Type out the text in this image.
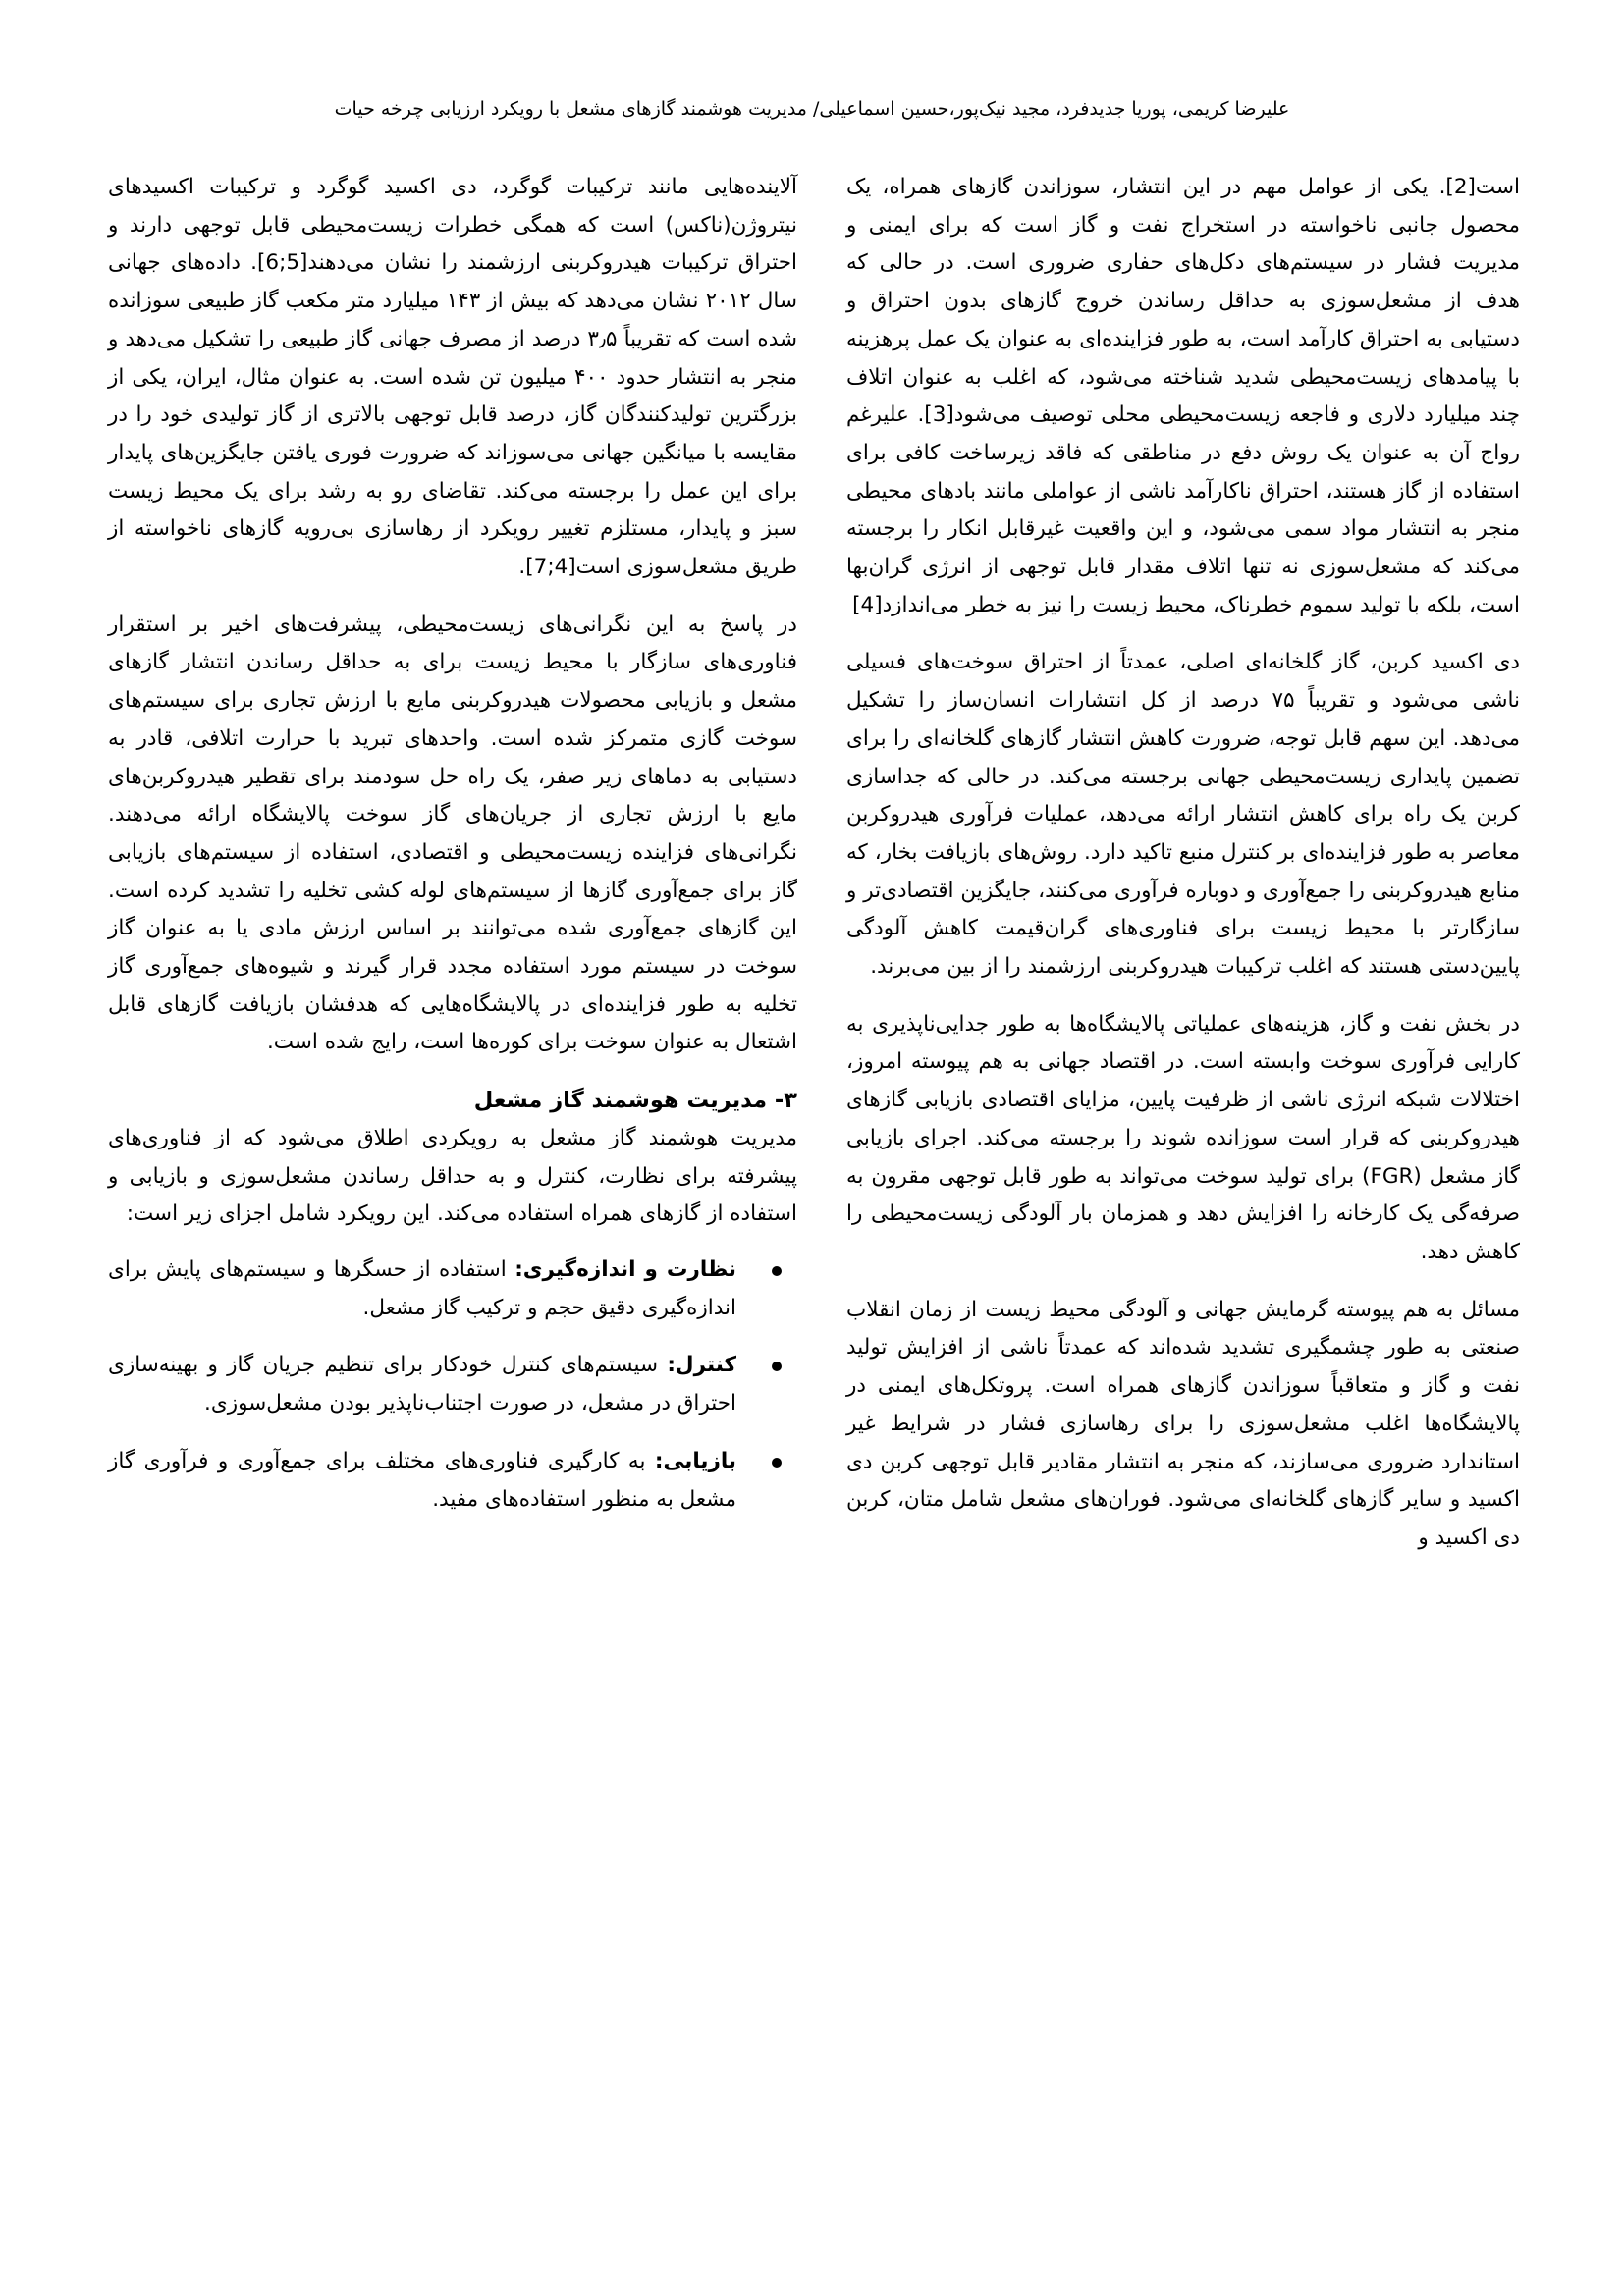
علیرضا کریمی، پوریا جدیدفرد، مجید نیک‌پور،حسین اسماعیلی/ مدیریت هوشمند گازهای مشعل با رویکرد ارزیابی چرخه حیات

است[2]. یکی از عوامل مهم در این انتشار، سوزاندن گازهای همراه، یک محصول جانبی ناخواسته در استخراج نفت و گاز است که برای ایمنی و مدیریت فشار در سیستم‌های دکل‌های حفاری ضروری است. در حالی که هدف از مشعل‌سوزی به حداقل رساندن خروج گازهای بدون احتراق و دستیابی به احتراق کارآمد است، به طور فزاینده‌ای به عنوان یک عمل پرهزینه با پیامدهای زیست‌محیطی شدید شناخته می‌شود، که اغلب به عنوان اتلاف چند میلیارد دلاری و فاجعه زیست‌محیطی محلی توصیف می‌شود[3]. علیرغم رواج آن به عنوان یک روش دفع در مناطقی که فاقد زیرساخت کافی برای استفاده از گاز هستند، احتراق ناکارآمد ناشی از عواملی مانند بادهای محیطی منجر به انتشار مواد سمی می‌شود، و این واقعیت غیرقابل انکار را برجسته می‌کند که مشعل‌سوزی نه تنها اتلاف مقدار قابل توجهی از انرژی گران‌بها است، بلکه با تولید سموم خطرناک، محیط زیست را نیز به خطر می‌اندازد[4]

دی اکسید کربن، گاز گلخانه‌ای اصلی، عمدتاً از احتراق سوخت‌های فسیلی ناشی می‌شود و تقریباً ۷۵ درصد از کل انتشارات انسان‌ساز را تشکیل می‌دهد. این سهم قابل توجه، ضرورت کاهش انتشار گازهای گلخانه‌ای را برای تضمین پایداری زیست‌محیطی جهانی برجسته می‌کند. در حالی که جداسازی کربن یک راه برای کاهش انتشار ارائه می‌دهد، عملیات فرآوری هیدروکربن معاصر به طور فزاینده‌ای بر کنترل منبع تاکید دارد. روش‌های بازیافت بخار، که منابع هیدروکربنی را جمع‌آوری و دوباره فرآوری می‌کنند، جایگزین اقتصادی‌تر و سازگارتر با محیط زیست برای فناوری‌های گران‌قیمت کاهش آلودگی پایین‌دستی هستند که اغلب ترکیبات هیدروکربنی ارزشمند را از بین می‌برند.

در بخش نفت و گاز، هزینه‌های عملیاتی پالایشگاه‌ها به طور جدایی‌ناپذیری به کارایی فرآوری سوخت وابسته است. در اقتصاد جهانی به هم پیوسته امروز، اختلالات شبکه انرژی ناشی از ظرفیت پایین، مزایای اقتصادی بازیابی گازهای هیدروکربنی که قرار است سوزانده شوند را برجسته می‌کند. اجرای بازیابی گاز مشعل (FGR) برای تولید سوخت می‌تواند به طور قابل توجهی مقرون به صرفه‌گی یک کارخانه را افزایش دهد و همزمان بار آلودگی زیست‌محیطی را کاهش دهد.

مسائل به هم پیوسته گرمایش جهانی و آلودگی محیط زیست از زمان انقلاب صنعتی به طور چشمگیری تشدید شده‌اند که عمدتاً ناشی از افزایش تولید نفت و گاز و متعاقباً سوزاندن گازهای همراه است. پروتکل‌های ایمنی در پالایشگاه‌ها اغلب مشعل‌سوزی را برای رهاسازی فشار در شرایط غیر استاندارد ضروری می‌سازند، که منجر به انتشار مقادیر قابل توجهی کربن دی اکسید و سایر گازهای گلخانه‌ای می‌شود. فوران‌های مشعل شامل متان، کربن دی اکسید و

آلاینده‌هایی مانند ترکیبات گوگرد، دی اکسید گوگرد و ترکیبات اکسیدهای نیتروژن(ناکس) است که همگی خطرات زیست‌محیطی قابل توجهی دارند و احتراق ترکیبات هیدروکربنی ارزشمند را نشان می‌دهند[5;6]. داده‌های جهانی سال ۲۰۱۲ نشان می‌دهد که بیش از ۱۴۳ میلیارد متر مکعب گاز طبیعی سوزانده شده است که تقریباً ۳٫۵ درصد از مصرف جهانی گاز طبیعی را تشکیل می‌دهد و منجر به انتشار حدود ۴۰۰ میلیون تن شده است. به عنوان مثال، ایران، یکی از بزرگترین تولیدکنندگان گاز، درصد قابل توجهی بالاتری از گاز تولیدی خود را در مقایسه با میانگین جهانی می‌سوزاند که ضرورت فوری یافتن جایگزین‌های پایدار برای این عمل را برجسته می‌کند. تقاضای رو به رشد برای یک محیط زیست سبز و پایدار، مستلزم تغییر رویکرد از رهاسازی بی‌رویه گازهای ناخواسته از طریق مشعل‌سوزی است[4;7].

در پاسخ به این نگرانی‌های زیست‌محیطی، پیشرفت‌های اخیر بر استقرار فناوری‌های سازگار با محیط زیست برای به حداقل رساندن انتشار گازهای مشعل و بازیابی محصولات هیدروکربنی مایع با ارزش تجاری برای سیستم‌های سوخت گازی متمرکز شده است. واحدهای تبرید با حرارت اتلافی، قادر به دستیابی به دماهای زیر صفر، یک راه حل سودمند برای تقطیر هیدروکربن‌های مایع با ارزش تجاری از جریان‌های گاز سوخت پالایشگاه ارائه می‌دهند. نگرانی‌های فزاینده زیست‌محیطی و اقتصادی، استفاده از سیستم‌های بازیابی گاز برای جمع‌آوری گازها از سیستم‌های لوله کشی تخلیه را تشدید کرده است. این گازهای جمع‌آوری شده می‌توانند بر اساس ارزش مادی یا به عنوان گاز سوخت در سیستم مورد استفاده مجدد قرار گیرند و شیوه‌های جمع‌آوری گاز تخلیه به طور فزاینده‌ای در پالایشگاه‌هایی که هدفشان بازیافت گازهای قابل اشتعال به عنوان سوخت برای کوره‌ها است، رایج شده است.

۳- مدیریت هوشمند گاز مشعل

مدیریت هوشمند گاز مشعل به رویکردی اطلاق می‌شود که از فناوری‌های پیشرفته برای نظارت، کنترل و به حداقل رساندن مشعل‌سوزی و بازیابی و استفاده از گازهای همراه استفاده می‌کند. این رویکرد شامل اجزای زیر است:

نظارت و اندازه‌گیری: استفاده از حسگرها و سیستم‌های پایش برای اندازه‌گیری دقیق حجم و ترکیب گاز مشعل.
کنترل: سیستم‌های کنترل خودکار برای تنظیم جریان گاز و بهینه‌سازی احتراق در مشعل، در صورت اجتناب‌ناپذیر بودن مشعل‌سوزی.
بازیابی: به کارگیری فناوری‌های مختلف برای جمع‌آوری و فرآوری گاز مشعل به منظور استفاده‌های مفید.
